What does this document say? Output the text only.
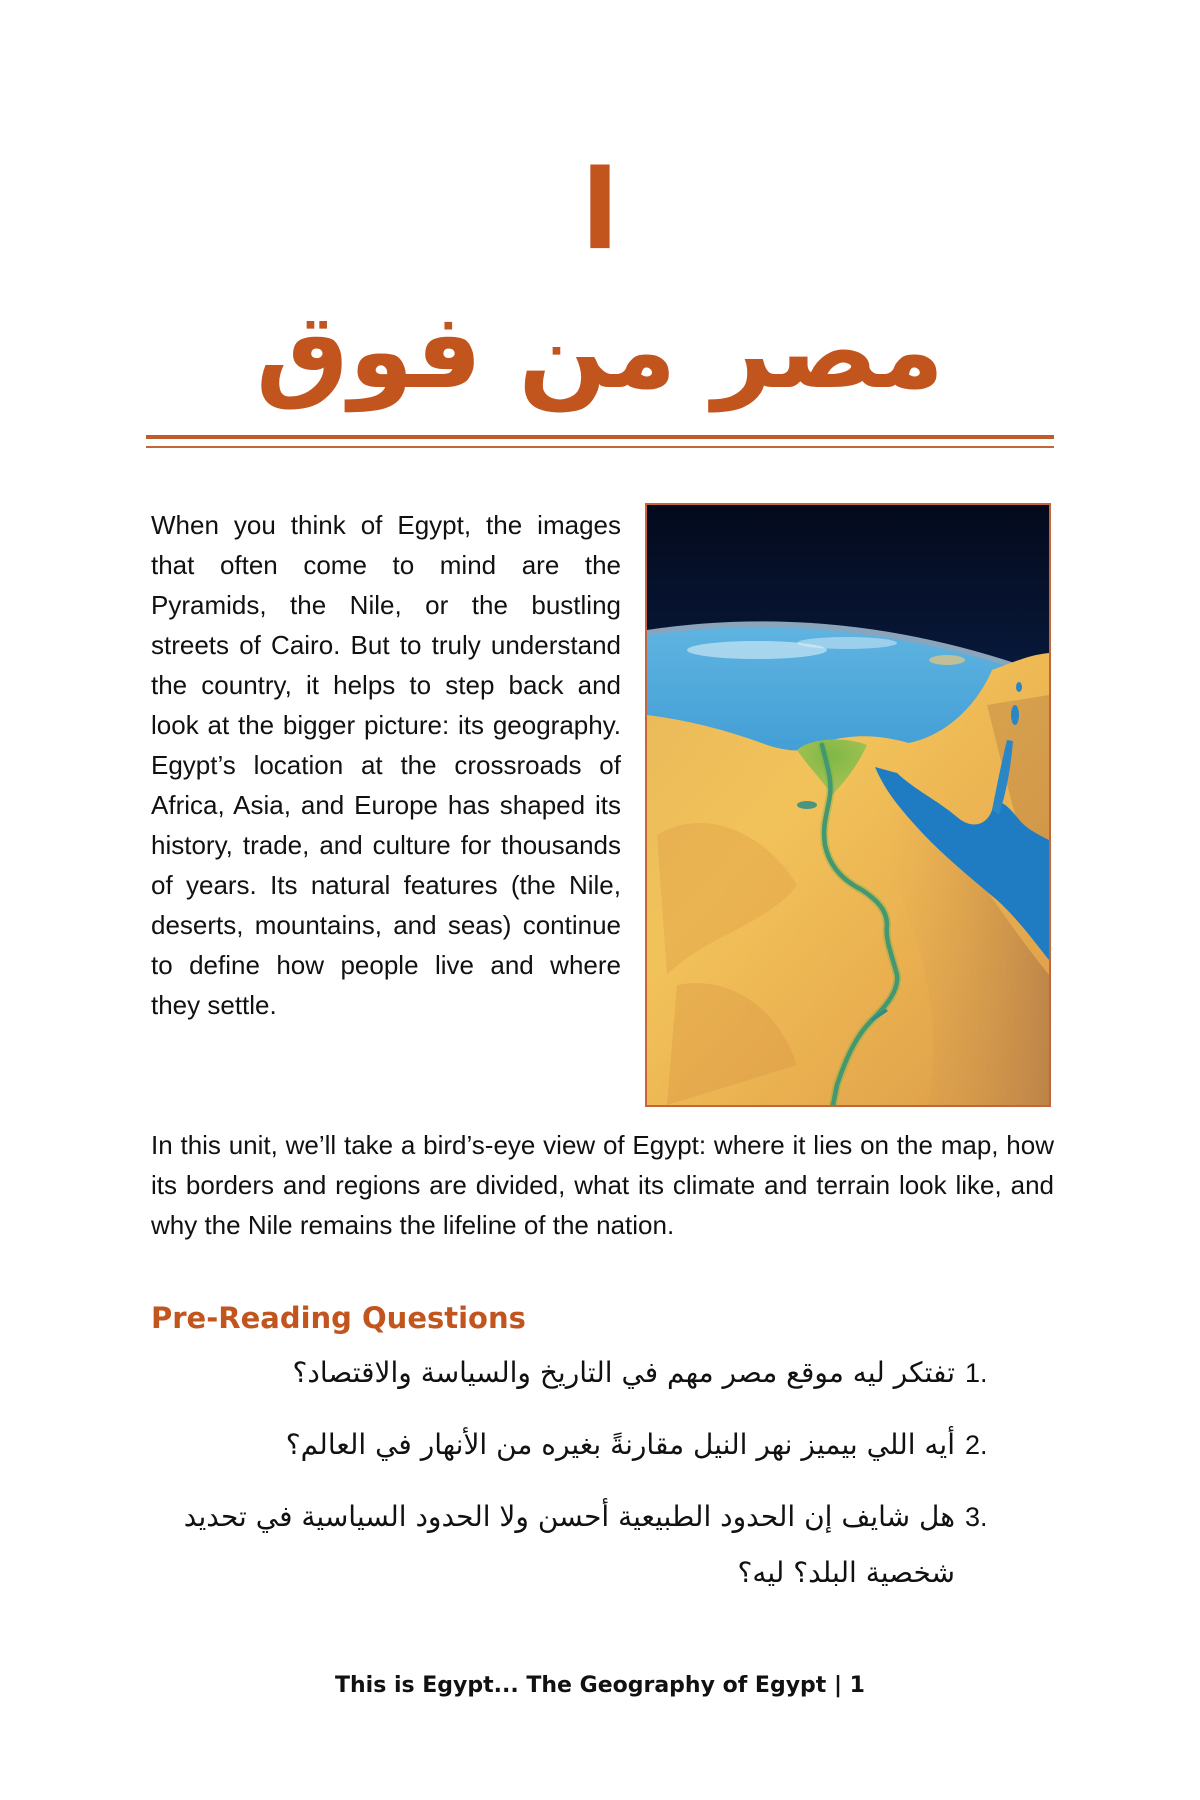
ا
مصر من فوق

When you think of Egypt, the images that often come to mind are the Pyramids, the Nile, or the bustling streets of Cairo. But to truly understand the country, it helps to step back and look at the bigger picture: its geography. Egypt’s location at the crossroads of Africa, Asia, and Europe has shaped its history, trade, and culture for thousands of years. Its natural features (the Nile, deserts, mountains, and seas) continue to define how people live and where they settle.

In this unit, we’ll take a bird’s-eye view of Egypt: where it lies on the map, how its borders and regions are divided, what its climate and terrain look like, and why the Nile remains the lifeline of the nation.

Pre-Reading Questions
1.
تفتكر ليه موقع مصر مهم في التاريخ والسياسة والاقتصاد؟
2.
أيه اللي بيميز نهر النيل مقارنةً بغيره من الأنهار في العالم؟
3.
هل شايف إن الحدود الطبيعية أحسن ولا الحدود السياسية في تحديد شخصية البلد؟ ليه؟
This is Egypt... The Geography of Egypt | 1
